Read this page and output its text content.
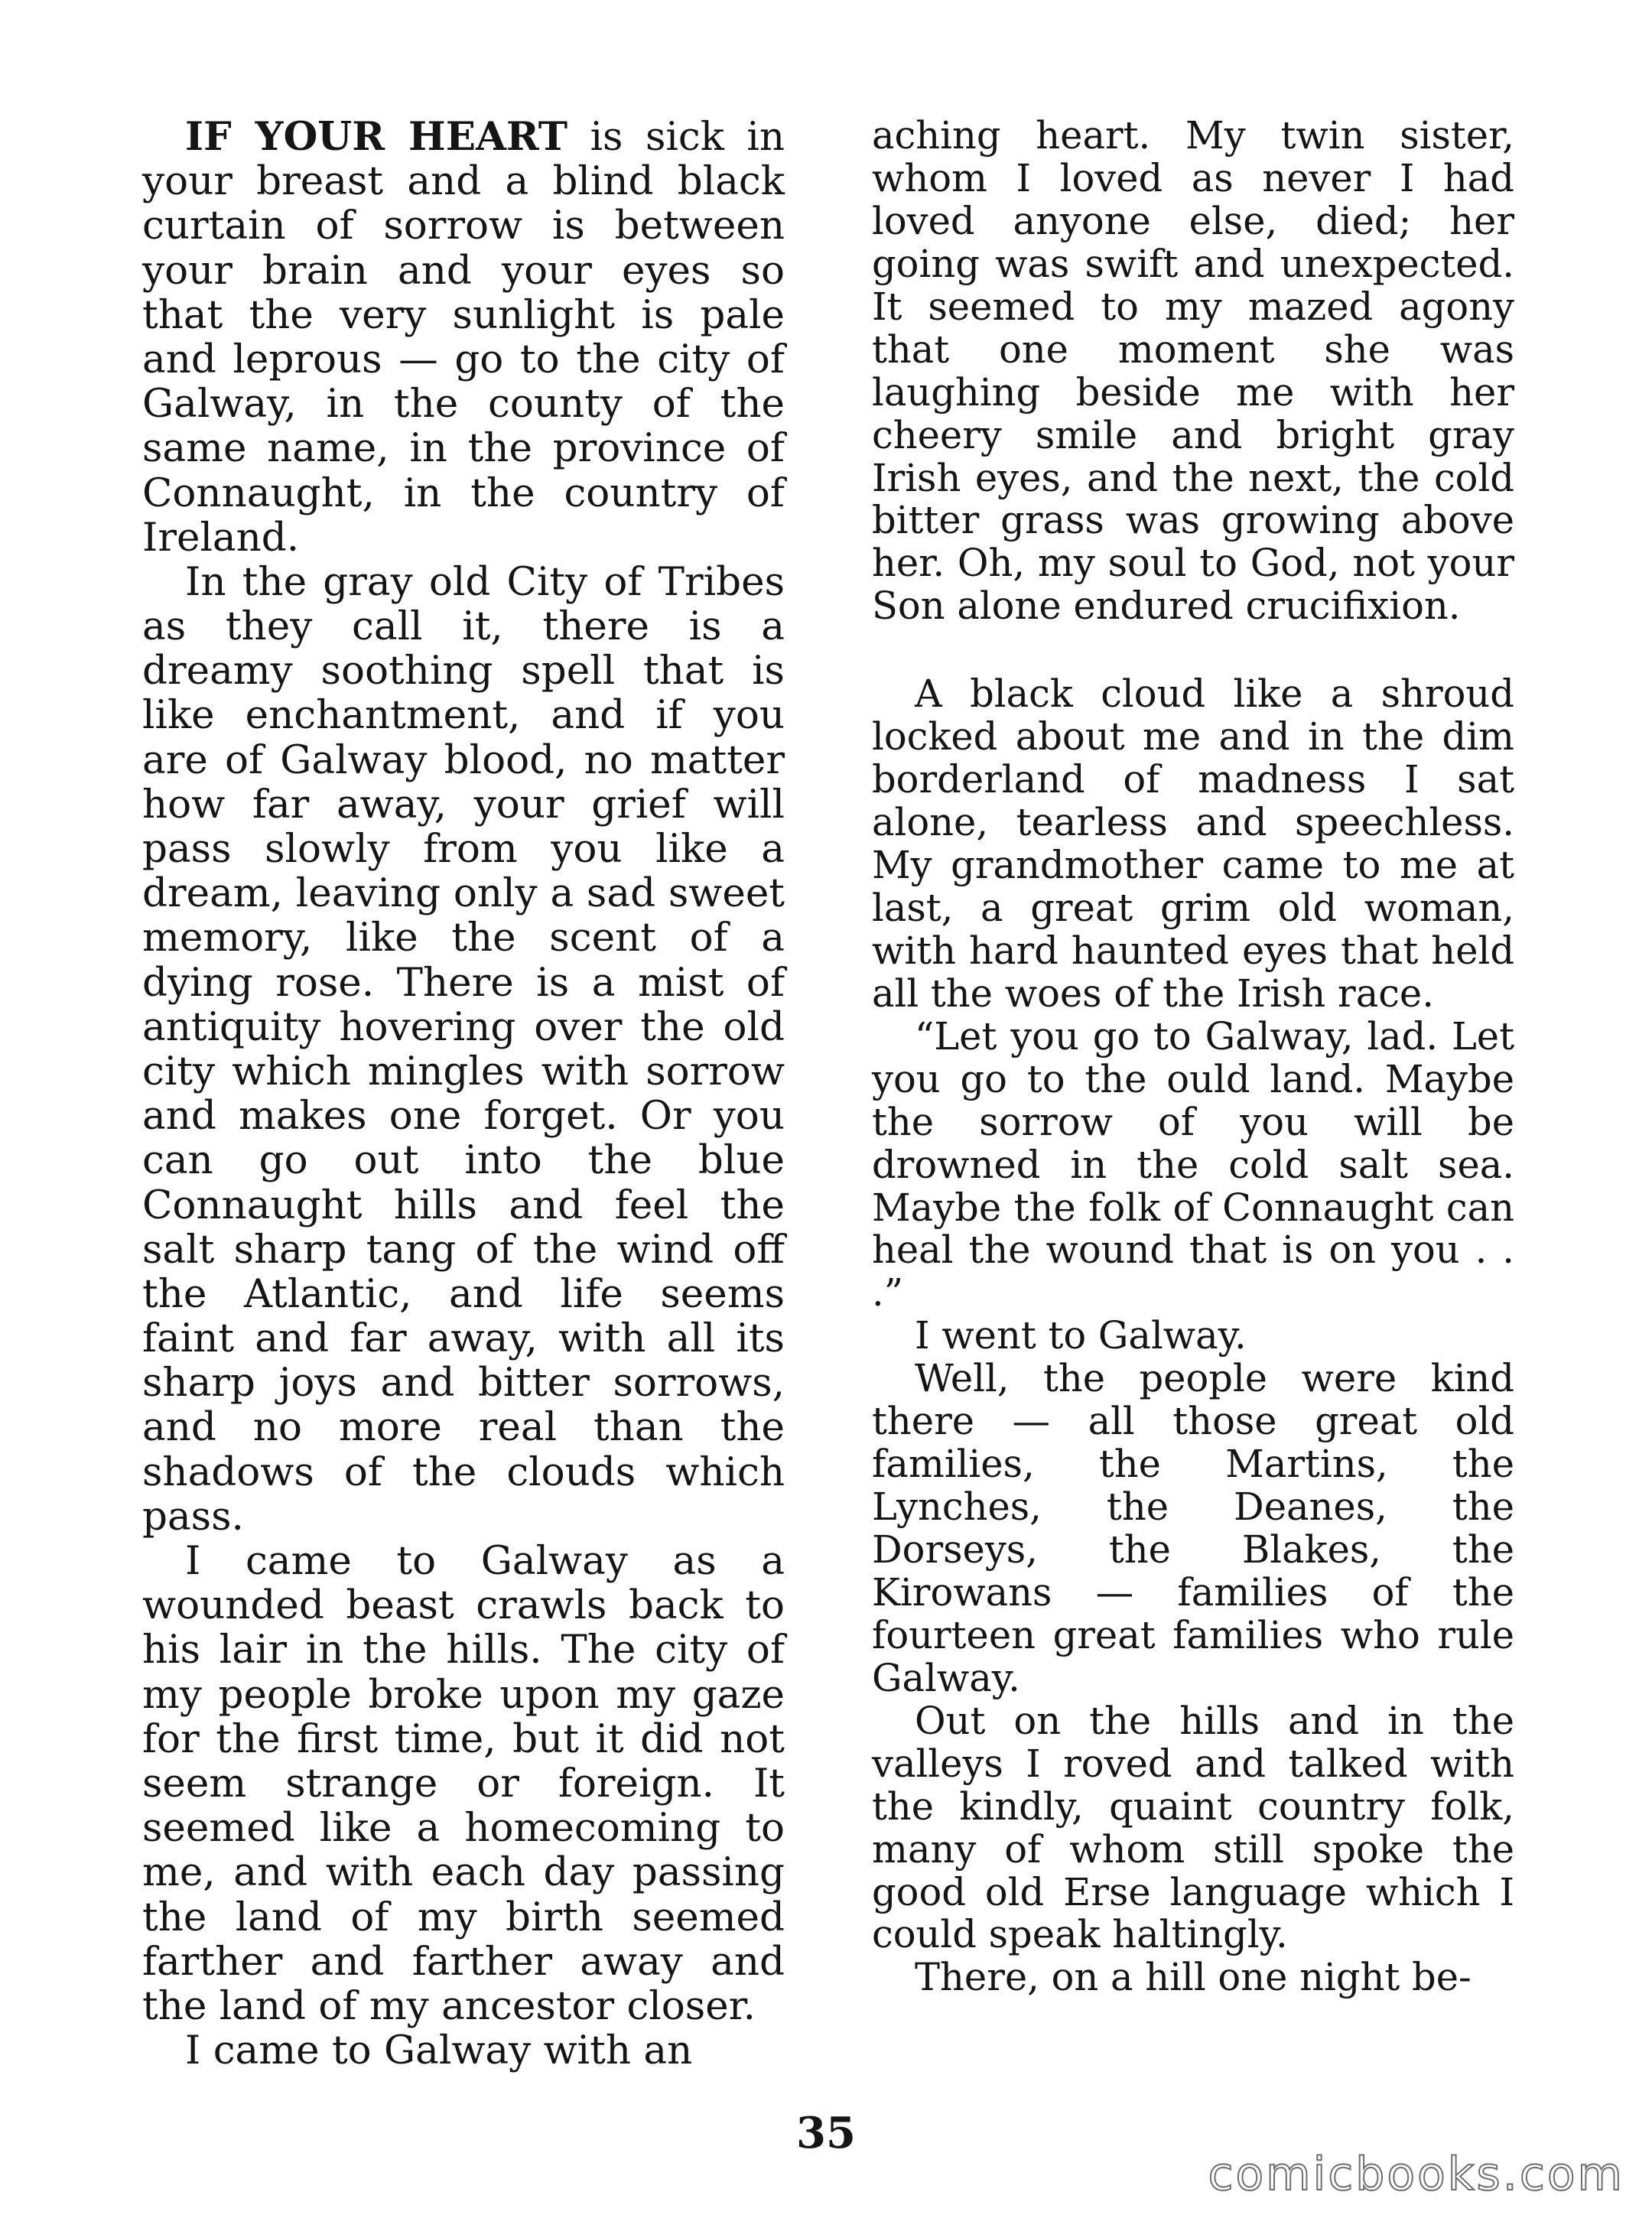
IF YOUR HEART is sick in your breast and a blind black curtain of sorrow is between your brain and your eyes so that the very sunlight is pale and leprous — go to the city of Galway, in the county of the same name, in the province of Connaught, in the country of Ireland.

In the gray old City of Tribes as they call it, there is a dreamy soothing spell that is like enchantment, and if you are of Galway blood, no matter how far away, your grief will pass slowly from you like a dream, leaving only a sad sweet memory, like the scent of a dying rose. There is a mist of antiquity hovering over the old city which mingles with sorrow and makes one forget. Or you can go out into the blue Connaught hills and feel the salt sharp tang of the wind off the Atlantic, and life seems faint and far away, with all its sharp joys and bitter sorrows, and no more real than the shadows of the clouds which pass.

I came to Galway as a wounded beast crawls back to his lair in the hills. The city of my people broke upon my gaze for the first time, but it did not seem strange or foreign. It seemed like a homecoming to me, and with each day passing the land of my birth seemed farther and farther away and the land of my ancestor closer.

I came to Galway with an

aching heart. My twin sister, whom I loved as never I had loved anyone else, died; her going was swift and unexpected. It seemed to my mazed agony that one moment she was laughing beside me with her cheery smile and bright gray Irish eyes, and the next, the cold bitter grass was growing above her. Oh, my soul to God, not your Son alone endured crucifixion.

A black cloud like a shroud locked about me and in the dim borderland of madness I sat alone, tearless and speechless. My grandmother came to me at last, a great grim old woman, with hard haunted eyes that held all the woes of the Irish race.

“Let you go to Galway, lad. Let you go to the ould land. Maybe the sorrow of you will be drowned in the cold salt sea. Maybe the folk of Connaught can heal the wound that is on you . . .”

I went to Galway.

Well, the people were kind there — all those great old families, the Martins, the Lynches, the Deanes, the Dorseys, the Blakes, the Kirowans — families of the fourteen great families who rule Galway.

Out on the hills and in the valleys I roved and talked with the kindly, quaint country folk, many of whom still spoke the good old Erse language which I could speak haltingly.

There, on a hill one night be-

35
comicbooks.com
